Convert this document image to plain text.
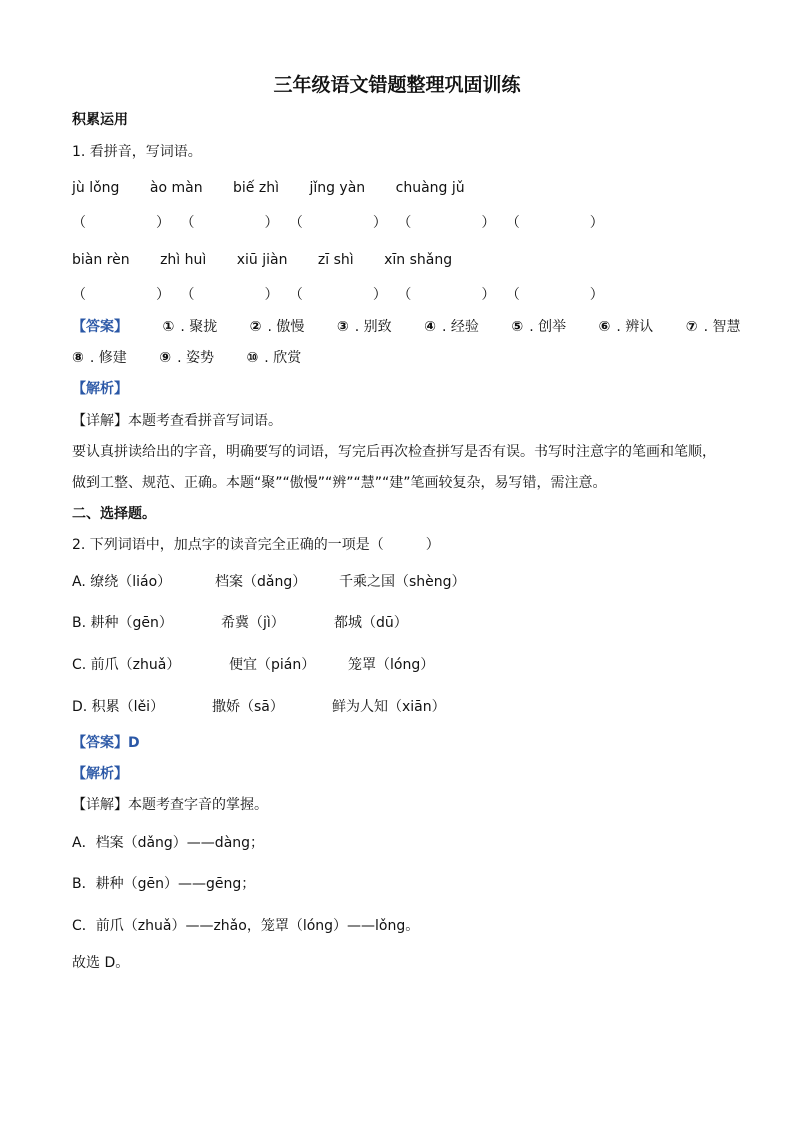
三年级语文错题整理巩固训练
积累运用
1. 看拼音，写词语。
jù lǒng ào màn biế zhì jǐng yàn chuàng jǔ
（　　　　　） （　　　　　） （　　　　　） （　　　　　） （　　　　　）
biàn rèn zhì huì xiū jiàn zī shì xīn shǎng
（　　　　　） （　　　　　） （　　　　　） （　　　　　） （　　　　　）
【答案】 ① . 聚拢 ② . 傲慢 ③ . 别致 ④ . 经验 ⑤ . 创举 ⑥ . 辨认 ⑦ . 智慧
⑧ . 修建 ⑨ . 姿势 ⑩ . 欣赏
【解析】
【详解】本题考查看拼音写词语。
要认真拼读给出的字音，明确要写的词语，写完后再次检查拼写是否有误。书写时注意字的笔画和笔顺，
做到工整、规范、正确。本题“聚”“傲慢”“辨”“慧”“建”笔画较复杂，易写错，需注意。
二、选择题。
2. 下列词语中，加点字的读音完全正确的一项是（　　　）
A. 缭绕（liáo）	档案（dǎng） 千乘之国（shèng）
B. 耕种（gēn）	希冀（jì）	都城（dū）
C. 前爪（zhuǎ）	便宜（pián） 笼罩（lóng）
D. 积累（lěi）	撒娇（sā）	鲜为人知（xiān）
【答案】D
【解析】
【详解】本题考查字音的掌握。
A．档案（dǎng）——dàng；
B．耕种（gēn）——gēng；
C．前爪（zhuǎ）——zhǎo，笼罩（lóng）——lǒng。
故选 D。
